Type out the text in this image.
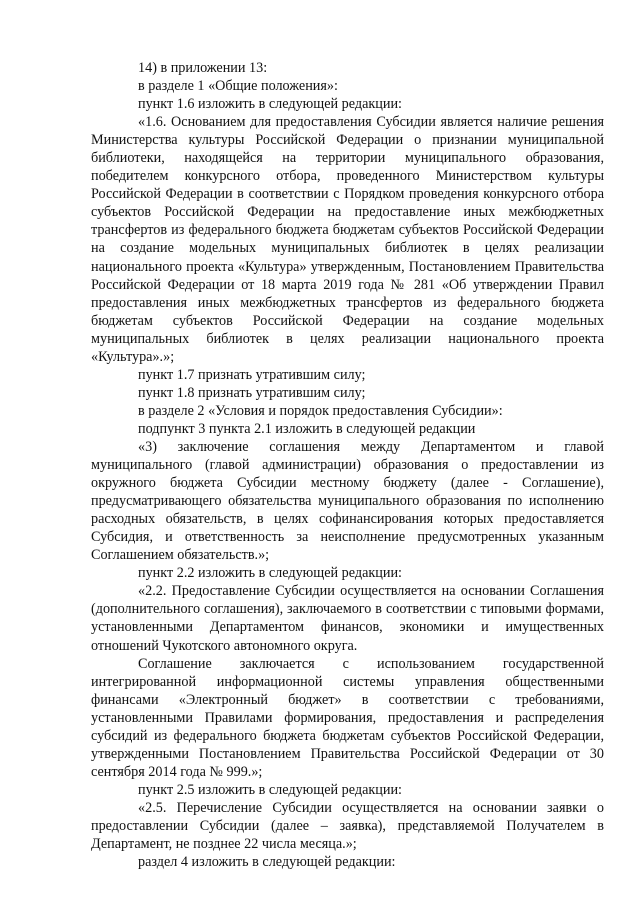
14) в приложении 13:

в разделе 1 «Общие положения»:

пункт 1.6 изложить в следующей редакции:

«1.6. Основанием для предоставления Субсидии является наличие решения Министерства культуры Российской Федерации о признании муниципальной библиотеки, находящейся на территории муниципального образования, победителем конкурсного отбора, проведенного Министерством культуры Российской Федерации в соответствии с Порядком проведения конкурсного отбора субъектов Российской Федерации на предоставление иных межбюджетных трансфертов из федерального бюджета бюджетам субъектов Российской Федерации на создание модельных муниципальных библиотек в целях реализации национального проекта «Культура» утвержденным, Постановлением Правительства Российской Федерации от 18 марта 2019 года № 281 «Об утверждении Правил предоставления иных межбюджетных трансфертов из федерального бюджета бюджетам субъектов Российской Федерации на создание модельных муниципальных библиотек в целях реализации национального проекта «Культура».»;

пункт 1.7 признать утратившим силу;

пункт 1.8 признать утратившим силу;

в разделе 2 «Условия и порядок предоставления Субсидии»:

подпункт 3 пункта 2.1 изложить в следующей редакции

«3) заключение соглашения между Департаментом и главой муниципального (главой администрации) образования о предоставлении из окружного бюджета Субсидии местному бюджету (далее - Соглашение), предусматривающего обязательства муниципального образования по исполнению расходных обязательств, в целях софинансирования которых предоставляется Субсидия, и ответственность за неисполнение предусмотренных указанным Соглашением обязательств.»;

пункт 2.2 изложить в следующей редакции:

«2.2. Предоставление Субсидии осуществляется на основании Соглашения (дополнительного соглашения), заключаемого в соответствии с типовыми формами, установленными Департаментом финансов, экономики и имущественных отношений Чукотского автономного округа.

Соглашение заключается с использованием государственной интегрированной информационной системы управления общественными финансами «Электронный бюджет» в соответствии с требованиями, установленными Правилами формирования, предоставления и распределения субсидий из федерального бюджета бюджетам субъектов Российской Федерации, утвержденными Постановлением Правительства Российской Федерации от 30 сентября 2014 года № 999.»;

пункт 2.5 изложить в следующей редакции:

«2.5. Перечисление Субсидии осуществляется на основании заявки о предоставлении Субсидии (далее – заявка), представляемой Получателем в Департамент, не позднее 22 числа месяца.»;

раздел 4 изложить в следующей редакции:
